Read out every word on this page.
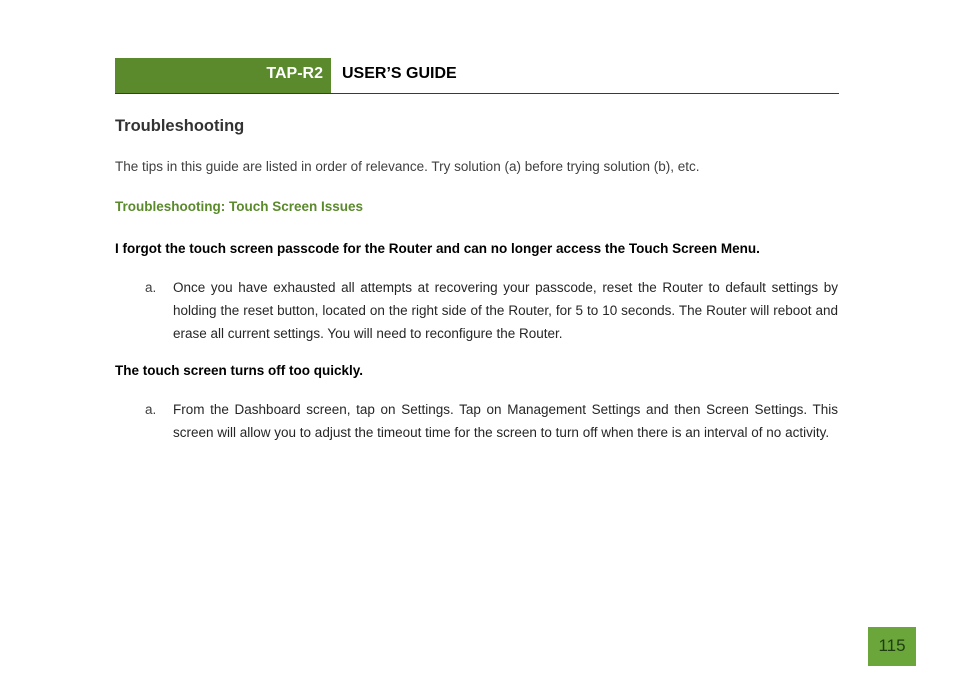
TAP-R2 USER’S GUIDE
Troubleshooting

The tips in this guide are listed in order of relevance. Try solution (a) before trying solution (b), etc.

Troubleshooting: Touch Screen Issues

I forgot the touch screen passcode for the Router and can no longer access the Touch Screen Menu.

a.	Once you have exhausted all attempts at recovering your passcode, reset the Router to default settings by holding the reset button, located on the right side of the Router, for 5 to 10 seconds. The Router will reboot and erase all current settings. You will need to reconfigure the Router.

The touch screen turns off too quickly.

a.	From the Dashboard screen, tap on Settings. Tap on Management Settings and then Screen Settings. This screen will allow you to adjust the timeout time for the screen to turn off when there is an interval of no activity.
115
